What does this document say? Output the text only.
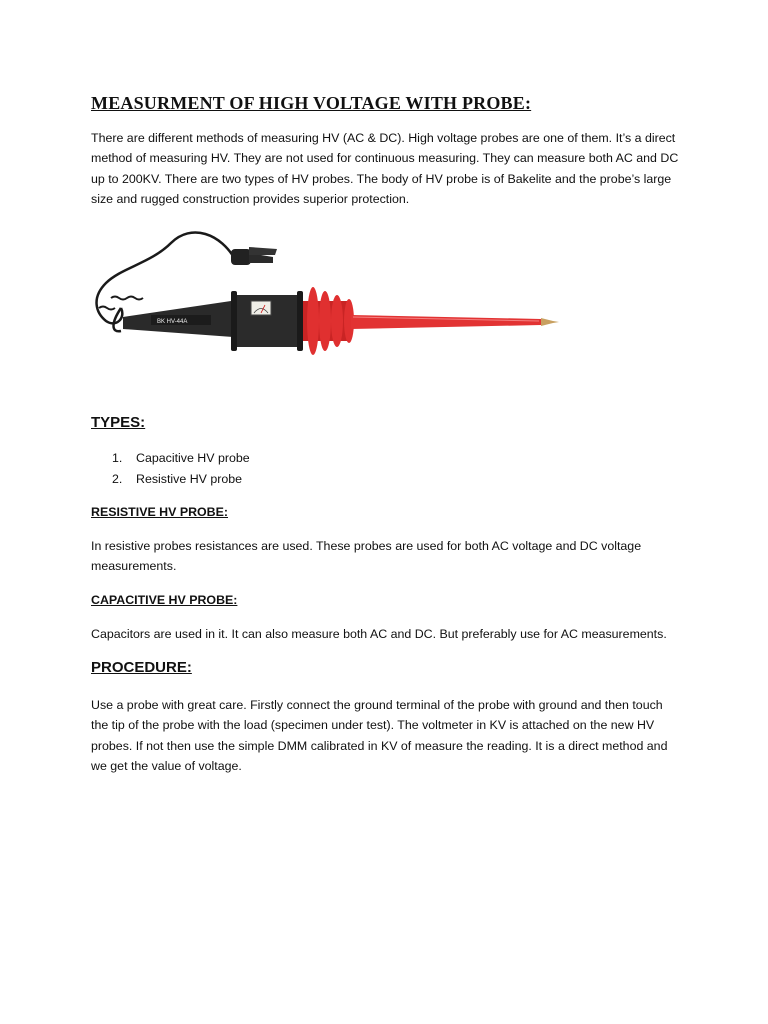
MEASURMENT OF HIGH VOLTAGE WITH PROBE:

There are different methods of measuring HV (AC & DC). High voltage probes are one of them. It’s a direct method of measuring HV. They are not used for continuous measuring. They can measure both AC and DC up to 200KV. There are two types of HV probes. The body of HV probe is of Bakelite and the probe’s large size and rugged construction provides superior protection.

BK HV-44A
TYPES:
1.	Capacitive HV probe
2.	Resistive HV probe
RESISTIVE HV PROBE:

In resistive probes resistances are used. These probes are used for both AC voltage and DC voltage measurements.

CAPACITIVE HV PROBE:

Capacitors are used in it. It can also measure both AC and DC. But preferably use for AC measurements.

PROCEDURE:

Use a probe with great care. Firstly connect the ground terminal of the probe with ground and then touch the tip of the probe with the load (specimen under test). The voltmeter in KV is attached on the new HV probes. If not then use the simple DMM calibrated in KV of measure the reading. It is a direct method and we get the value of voltage.
